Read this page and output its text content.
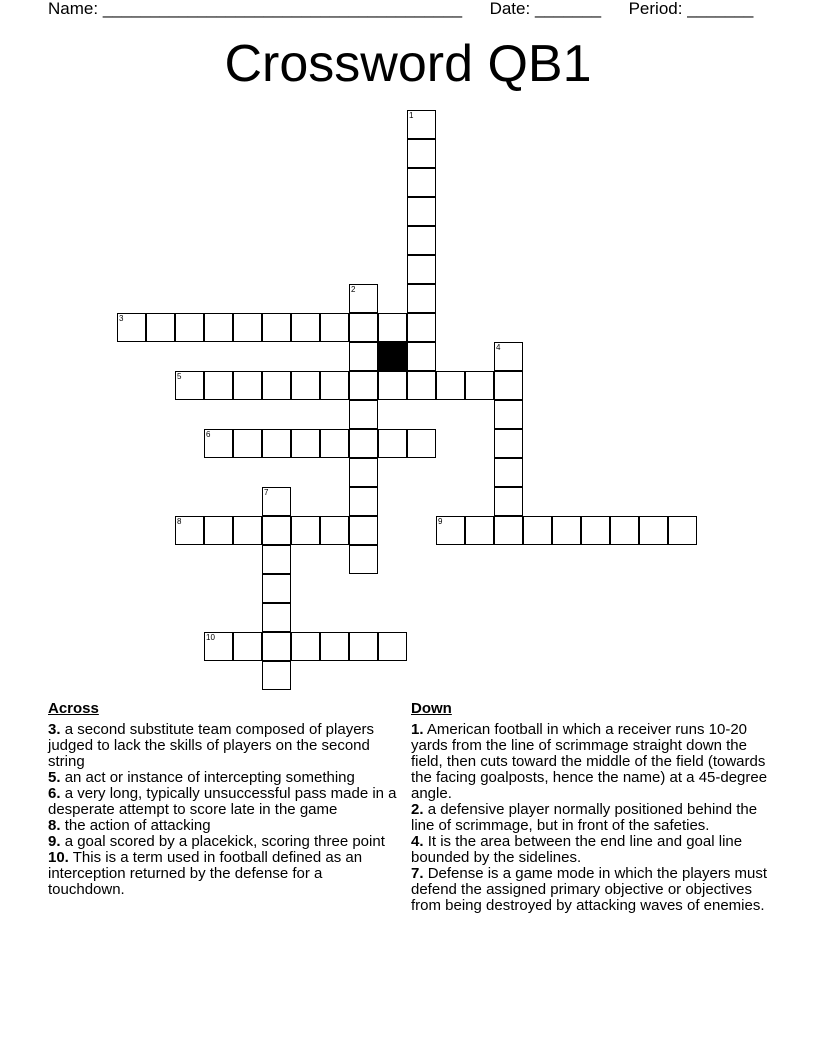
Name: ______________________________________ Date: _______ Period: _______
Crossword QB1
1
2
3
4
5
6
7
8	9
10
Across

3. a second substitute team composed of players judged to lack the skills of players on the second string

5. an act or instance of intercepting something

6. a very long, typically unsuccessful pass made in a desperate attempt to score late in the game

8. the action of attacking

9. a goal scored by a placekick, scoring three point

10. This is a term used in football defined as an interception returned by the defense for a touchdown.

Down

1. American football in which a receiver runs 10-20 yards from the line of scrimmage straight down the field, then cuts toward the middle of the field (towards the facing goalposts, hence the name) at a 45-degree angle.

2. a defensive player normally positioned behind the line of scrimmage, but in front of the safeties.

4. It is the area between the end line and goal line bounded by the sidelines.

7. Defense is a game mode in which the players must defend the assigned primary objective or objectives from being destroyed by attacking waves of enemies.
